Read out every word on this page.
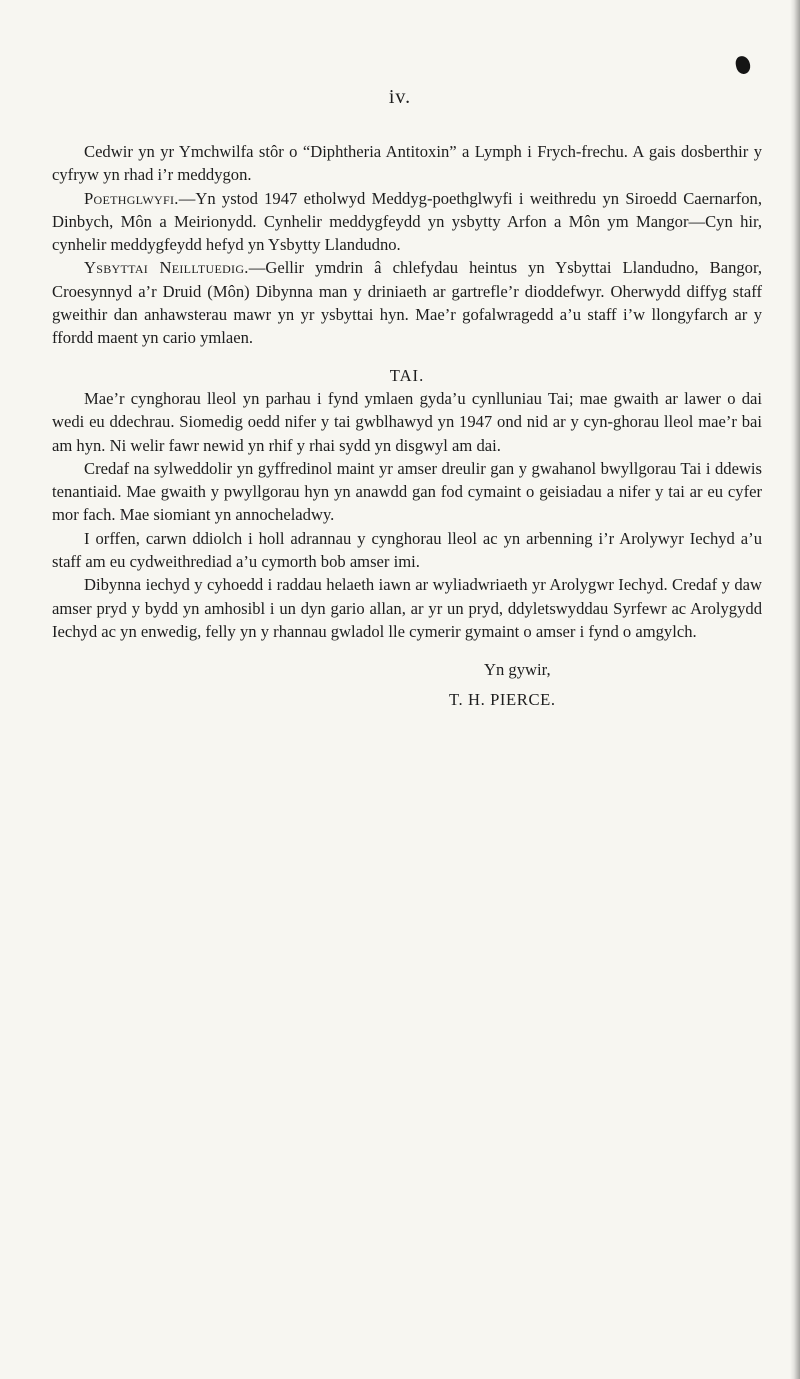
iv.

Cedwir yn yr Ymchwilfa stôr o “Diphtheria Antitoxin” a Lymph i Frych-frechu. A gais dosberthir y cyfryw yn rhad i’r meddygon.

Poethglwyfi.—Yn ystod 1947 etholwyd Meddyg-poethglwyfi i weithredu yn Siroedd Caernarfon, Dinbych, Môn a Meirionydd. Cynhelir meddygfeydd yn ysbytty Arfon a Môn ym Mangor—Cyn hir, cynhelir meddygfeydd hefyd yn Ysbytty Llandudno.

Ysbyttai Neilltuedig.—Gellir ymdrin â chlefydau heintus yn Ysbyttai Llandudno, Bangor, Croesynnyd a’r Druid (Môn) Dibynna man y driniaeth ar gartrefle’r dioddefwyr. Oherwydd diffyg staff gweithir dan anhawsterau mawr yn yr ysbyttai hyn. Mae’r gofalwragedd a’u staff i’w llongyfarch ar y ffordd maent yn cario ymlaen.

TAI.

Mae’r cynghorau lleol yn parhau i fynd ymlaen gyda’u cynlluniau Tai; mae gwaith ar lawer o dai wedi eu ddechrau. Siomedig oedd nifer y tai gwblhawyd yn 1947 ond nid ar y cyn-ghorau lleol mae’r bai am hyn. Ni welir fawr newid yn rhif y rhai sydd yn disgwyl am dai.

Credaf na sylweddolir yn gyffredinol maint yr amser dreulir gan y gwahanol bwyllgorau Tai i ddewis tenantiaid. Mae gwaith y pwyllgorau hyn yn anawdd gan fod cymaint o geisiadau a nifer y tai ar eu cyfer mor fach. Mae siomiant yn annocheladwy.

I orffen, carwn ddiolch i holl adrannau y cynghorau lleol ac yn arbenning i’r Arolywyr Iechyd a’u staff am eu cydweithrediad a’u cymorth bob amser imi.

Dibynna iechyd y cyhoedd i raddau helaeth iawn ar wyliadwriaeth yr Arolygwr Iechyd. Credaf y daw amser pryd y bydd yn amhosibl i un dyn gario allan, ar yr un pryd, ddyletswyddau Syrfewr ac Arolygydd Iechyd ac yn enwedig, felly yn y rhannau gwladol lle cymerir gymaint o amser i fynd o amgylch.

Yn gywir,
T. H. PIERCE.
